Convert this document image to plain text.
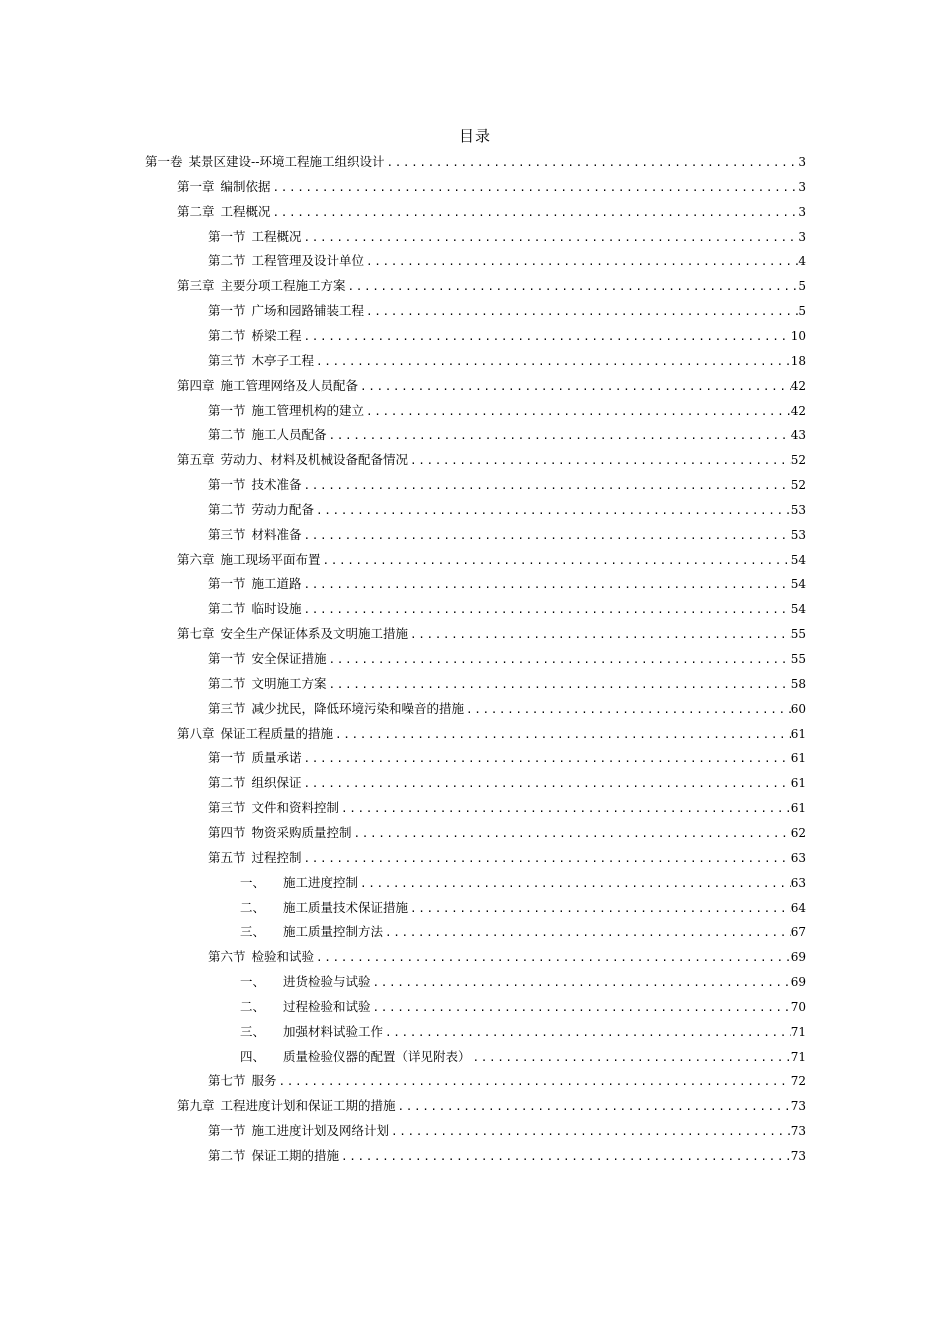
目录
第一卷 某景区建设--环境工程施工组织设计 .....	3
第一章 编制依据 .....	3
第二章 工程概况 .....	3
第一节 工程概况 .....	3
第二节 工程管理及设计单位 .....	4
第三章 主要分项工程施工方案 .....	5
第一节 广场和园路铺装工程 .....	5
第二节 桥梁工程 .....	10
第三节 木亭子工程 .....	18
第四章 施工管理网络及人员配备 .....	42
第一节 施工管理机构的建立 .....	42
第二节 施工人员配备 .....	43
第五章 劳动力、材料及机械设备配备情况 .....	52
第一节 技术准备 .....	52
第二节 劳动力配备 .....	53
第三节 材料准备 .....	53
第六章 施工现场平面布置 .....	54
第一节 施工道路 .....	54
第二节 临时设施 .....	54
第七章 安全生产保证体系及文明施工措施 .....	55
第一节 安全保证措施 .....	55
第二节 文明施工方案 .....	58
第三节 减少扰民，降低环境污染和噪音的措施 .....	60
第八章 保证工程质量的措施 .....	61
第一节 质量承诺 .....	61
第二节 组织保证 .....	61
第三节 文件和资料控制 .....	61
第四节 物资采购质量控制 .....	62
第五节 过程控制 .....	63
一、 施工进度控制 .....	63
二、 施工质量技术保证措施 .....	64
三、 施工质量控制方法 .....	67
第六节 检验和试验 .....	69
一、 进货检验与试验 .....	69
二、 过程检验和试验 .....	70
三、 加强材料试验工作 .....	71
四、 质量检验仪器的配置（详见附表） .....	71
第七节 服务 .....	72
第九章 工程进度计划和保证工期的措施 .....	73
第一节 施工进度计划及网络计划 .....	73
第二节 保证工期的措施 .....	73
